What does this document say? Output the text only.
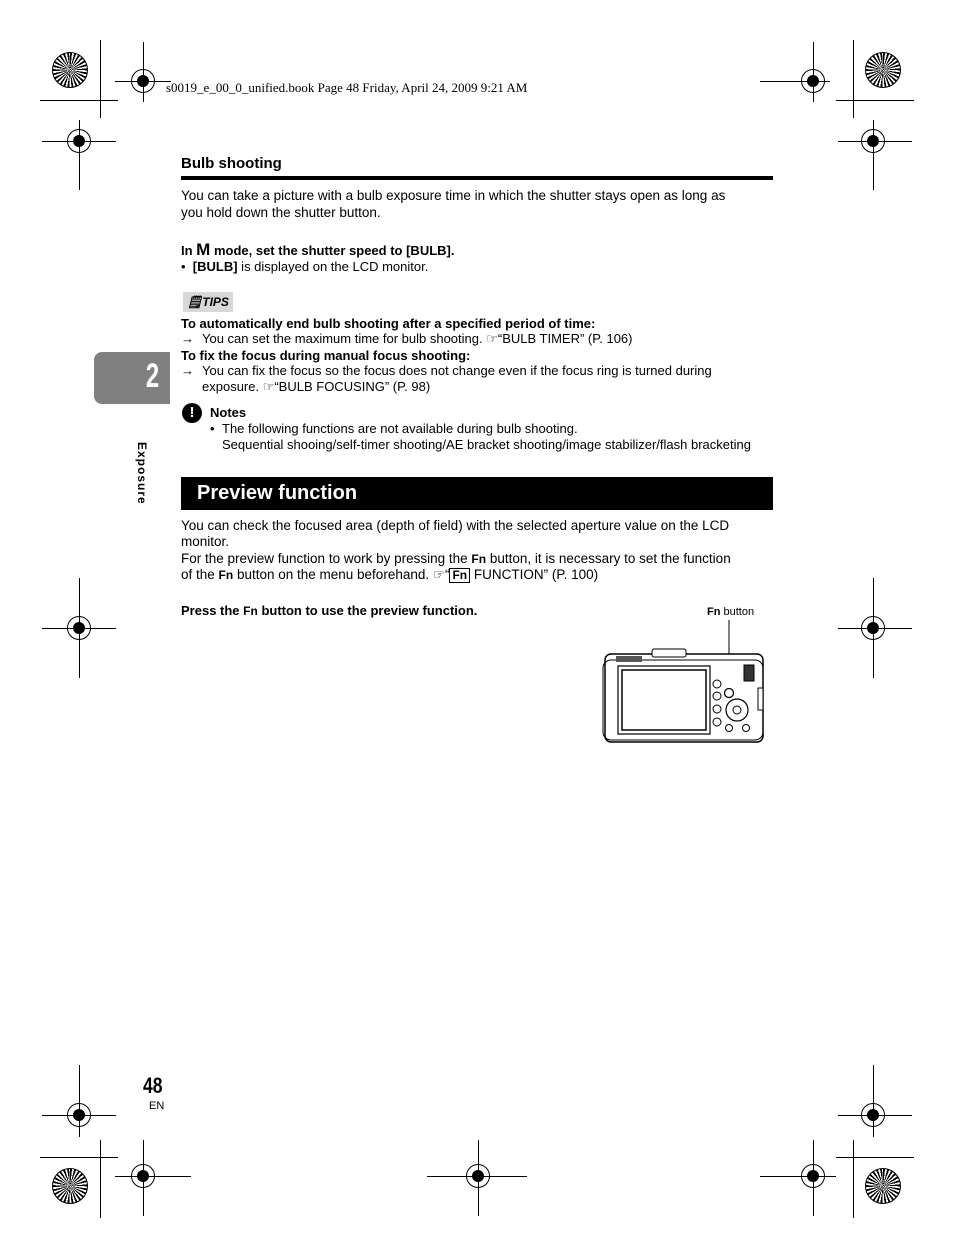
s0019_e_00_0_unified.book Page 48 Friday, April 24, 2009 9:21 AM
2
Exposure
Bulb shooting
You can take a picture with a bulb exposure time in which the shutter stays open as long as
you hold down the shutter button.
In M mode, set the shutter speed to [BULB].
• [BULB] is displayed on the LCD monitor.
🗒TIPS
To automatically end bulb shooting after a specified period of time:
→ You can set the maximum time for bulb shooting. ☞“BULB TIMER” (P. 106)
To fix the focus during manual focus shooting:
→ You can fix the focus so the focus does not change even if the focus ring is turned during
exposure. ☞“BULB FOCUSING” (P. 98)
!	Notes
• The following functions are not available during bulb shooting.
Sequential shooing/self-timer shooting/AE bracket shooting/image stabilizer/flash bracketing
Preview function
You can check the focused area (depth of field) with the selected aperture value on the LCD
monitor.
For the preview function to work by pressing the Fn button, it is necessary to set the function
of the Fn button on the menu beforehand. ☞“ Fn FUNCTION” (P. 100)
Press the Fn button to use the preview function.	Fn button
48
EN
